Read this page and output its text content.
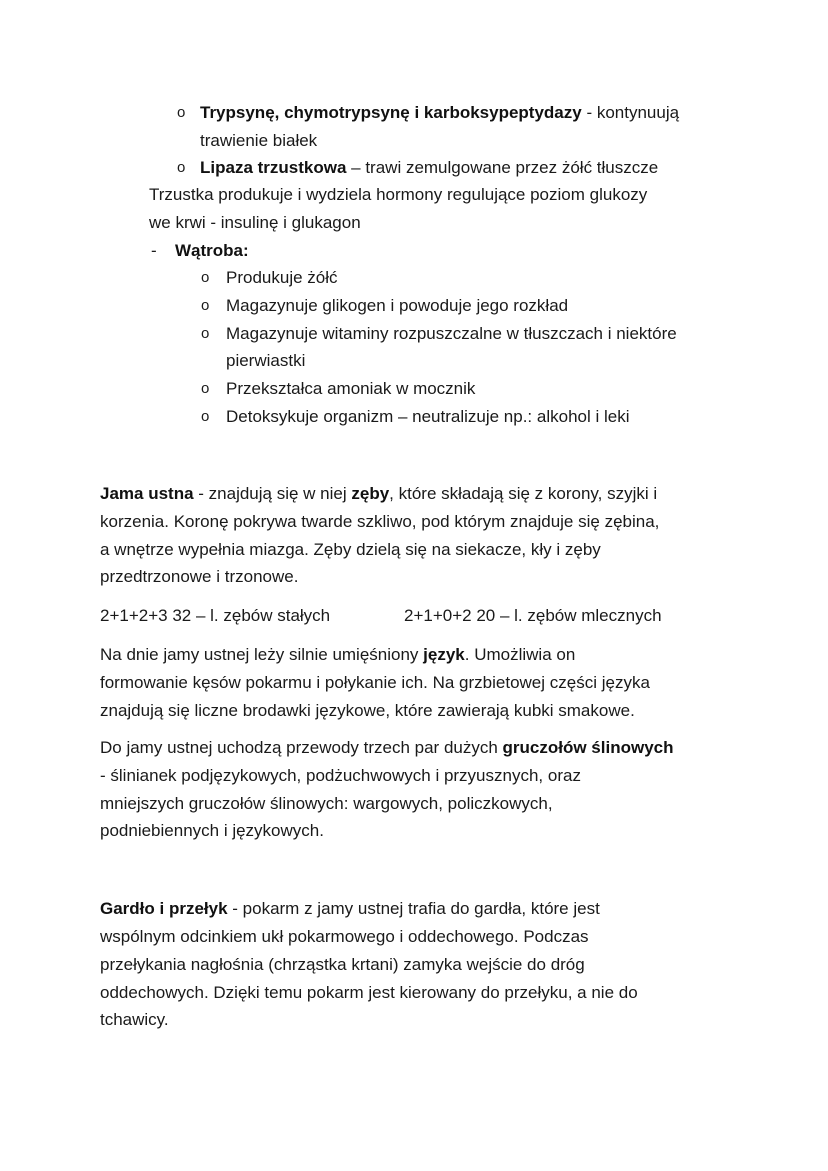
o Trypsynę, chymotrypsynę i karboksypeptydazy - kontynuują
trawienie białek
o Lipaza trzustkowa – trawi zemulgowane przez żółć tłuszcze
Trzustka produkuje i wydziela hormony regulujące poziom glukozy
we krwi - insulinę i glukagon
- Wątroba:
o Produkuje żółć
o Magazynuje glikogen i powoduje jego rozkład
o Magazynuje witaminy rozpuszczalne w tłuszczach i niektóre
pierwiastki
o Przekształca amoniak w mocznik
o Detoksykuje organizm – neutralizuje np.: alkohol i leki
Jama ustna - znajdują się w niej zęby, które składają się z korony, szyjki i
korzenia. Koronę pokrywa twarde szkliwo, pod którym znajduje się zębina,
a wnętrze wypełnia miazga. Zęby dzielą się na siekacze, kły i zęby
przedtrzonowe i trzonowe.
2+1+2+3 32 – l. zębów stałych	2+1+0+2 20 – l. zębów mlecznych
Na dnie jamy ustnej leży silnie umięśniony język. Umożliwia on
formowanie kęsów pokarmu i połykanie ich. Na grzbietowej części języka
znajdują się liczne brodawki językowe, które zawierają kubki smakowe.
Do jamy ustnej uchodzą przewody trzech par dużych gruczołów ślinowych
- ślinianek podjęzykowych, podżuchwowych i przyusznych, oraz
mniejszych gruczołów ślinowych: wargowych, policzkowych,
podniebiennych i językowych.
Gardło i przełyk - pokarm z jamy ustnej trafia do gardła, które jest
wspólnym odcinkiem ukł pokarmowego i oddechowego. Podczas
przełykania nagłośnia (chrząstka krtani) zamyka wejście do dróg
oddechowych. Dzięki temu pokarm jest kierowany do przełyku, a nie do
tchawicy.
